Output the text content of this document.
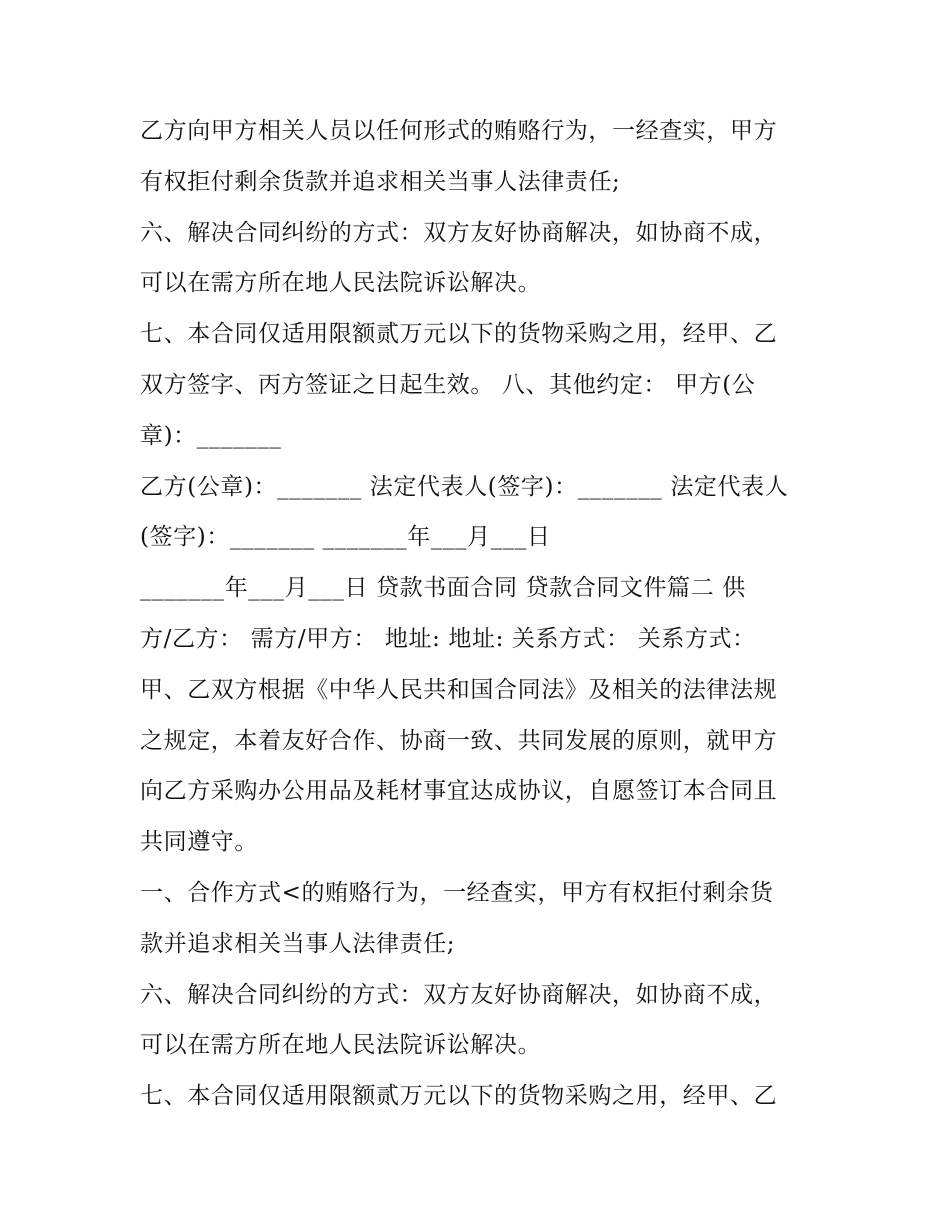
乙方向甲方相关人员以任何形式的贿赂行为，一经查实，甲方
有权拒付剩余货款并追求相关当事人法律责任;
六、解决合同纠纷的方式：双方友好协商解决，如协商不成，
可以在需方所在地人民法院诉讼解决。
七、本合同仅适用限额贰万元以下的货物采购之用，经甲、乙
双方签字、丙方签证之日起生效。 八、其他约定： 甲方(公
章)：_______
乙方(公章)：_______ 法定代表人(签字)：_______ 法定代表人
(签字)：_______ _______年___月___日
_______年___月___日 贷款书面合同 贷款合同文件篇二 供
方/乙方： 需方/甲方： 地址: 地址: 关系方式： 关系方式：
甲、乙双方根据《中华人民共和国合同法》及相关的法律法规
之规定，本着友好合作、协商一致、共同发展的原则，就甲方
向乙方采购办公用品及耗材事宜达成协议，自愿签订本合同且
共同遵守。
一、合作方式<的贿赂行为，一经查实，甲方有权拒付剩余货
款并追求相关当事人法律责任;
六、解决合同纠纷的方式：双方友好协商解决，如协商不成，
可以在需方所在地人民法院诉讼解决。
七、本合同仅适用限额贰万元以下的货物采购之用，经甲、乙
